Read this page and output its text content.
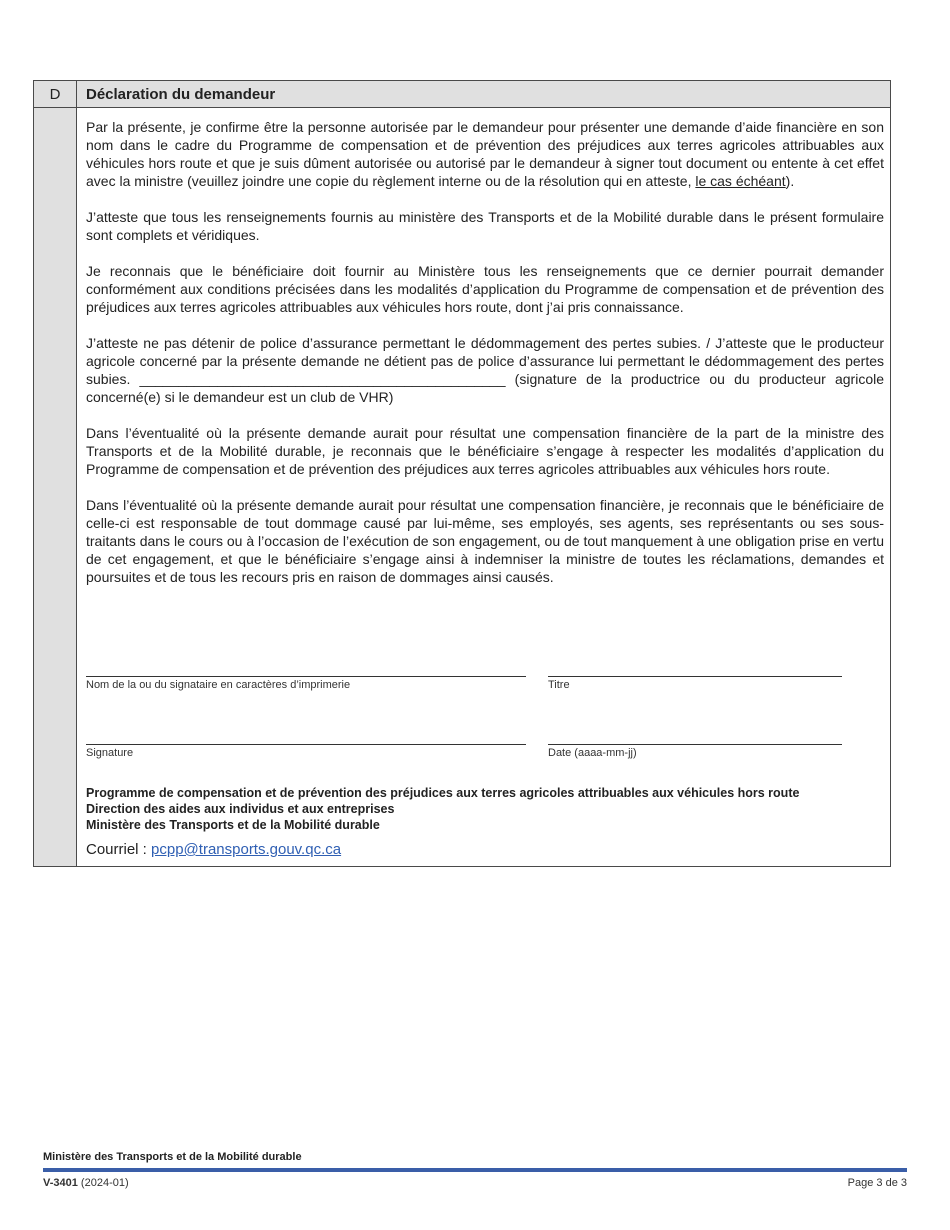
D	Déclaration du demandeur

Par la présente, je confirme être la personne autorisée par le demandeur pour présenter une demande d’aide financière en son nom dans le cadre du Programme de compensation et de prévention des préjudices aux terres agricoles attribuables aux véhicules hors route et que je suis dûment autorisée ou autorisé par le demandeur à signer tout document ou entente à cet effet avec la ministre (veuillez joindre une copie du règlement interne ou de la résolution qui en atteste, le cas échéant).

J’atteste que tous les renseignements fournis au ministère des Transports et de la Mobilité durable dans le présent formulaire sont complets et véridiques.

Je reconnais que le bénéficiaire doit fournir au Ministère tous les renseignements que ce dernier pourrait demander conformément aux conditions précisées dans les modalités d’application du Programme de compensation et de prévention des préjudices aux terres agricoles attribuables aux véhicules hors route, dont j’ai pris connaissance.

J’atteste ne pas détenir de police d’assurance permettant le dédommagement des pertes subies. / J’atteste que le producteur agricole concerné par la présente demande ne détient pas de police d’assurance lui permettant le dédommagement des pertes subies. _______________________________________________ (signature de la productrice ou du producteur agricole concerné(e) si le demandeur est un club de VHR)

Dans l’éventualité où la présente demande aurait pour résultat une compensation financière de la part de la ministre des Transports et de la Mobilité durable, je reconnais que le bénéficiaire s’engage à respecter les modalités d’application du Programme de compensation et de prévention des préjudices aux terres agricoles attribuables aux véhicules hors route.

Dans l’éventualité où la présente demande aurait pour résultat une compensation financière, je reconnais que le bénéficiaire de celle-ci est responsable de tout dommage causé par lui-même, ses employés, ses agents, ses représentants ou ses sous-traitants dans le cours ou à l’occasion de l’exécution de son engagement, ou de tout manquement à une obligation prise en vertu de cet engagement, et que le bénéficiaire s’engage ainsi à indemniser la ministre de toutes les réclamations, demandes et poursuites et de tous les recours pris en raison de dommages ainsi causés.

Nom de la ou du signataire en caractères d’imprimerie	Titre
Signature	Date (aaaa-mm-jj)
Programme de compensation et de prévention des préjudices aux terres agricoles attribuables aux véhicules hors route
Direction des aides aux individus et aux entreprises
Ministère des Transports et de la Mobilité durable
Courriel : pcpp@transports.gouv.qc.ca
Ministère des Transports et de la Mobilité durable
V-3401 (2024-01)	Page 3 de 3
